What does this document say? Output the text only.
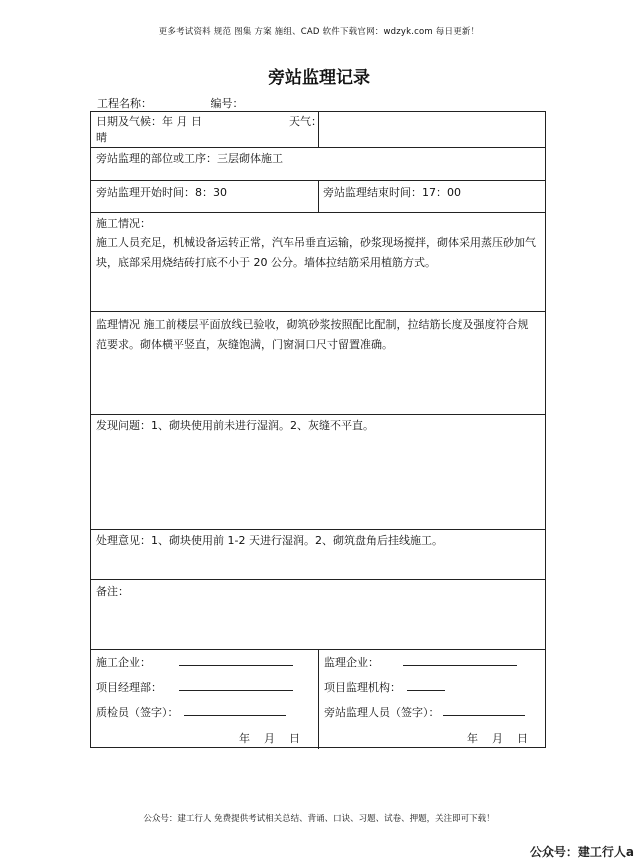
更多考试资料 规范 图集 方案 施组、CAD 软件下载官网：wdzyk.com 每日更新！
旁站监理记录
工程名称：	编号：
日期及气候：年 月 日	天气：
晴
旁站监理的部位或工序：三层砌体施工
旁站监理开始时间：8：30	旁站监理结束时间：17：00
施工情况：
施工人员充足，机械设备运转正常，汽车吊垂直运输，砂浆现场搅拌，砌体采用蒸压砂加气块，底部采用烧结砖打底不小于 20 公分。墙体拉结筋采用植筋方式。
监理情况 施工前楼层平面放线已验收，砌筑砂浆按照配比配制，拉结筋长度及强度符合规范要求。砌体横平竖直，灰缝饱满，门窗洞口尺寸留置准确。
发现问题：1、砌块使用前未进行湿润。2、灰缝不平直。
处理意见：1、砌块使用前 1-2 天进行湿润。2、砌筑盘角后挂线施工。
备注：
施工企业：
项目经理部：
质检员（签字）：
年 月 日
监理企业：
项目监理机构：
旁站监理人员（签字）：
年 月 日
公众号：建工行人 免费提供考试相关总结、背诵、口诀、习题、试卷、押题，关注即可下载！
公众号：建工行人a
